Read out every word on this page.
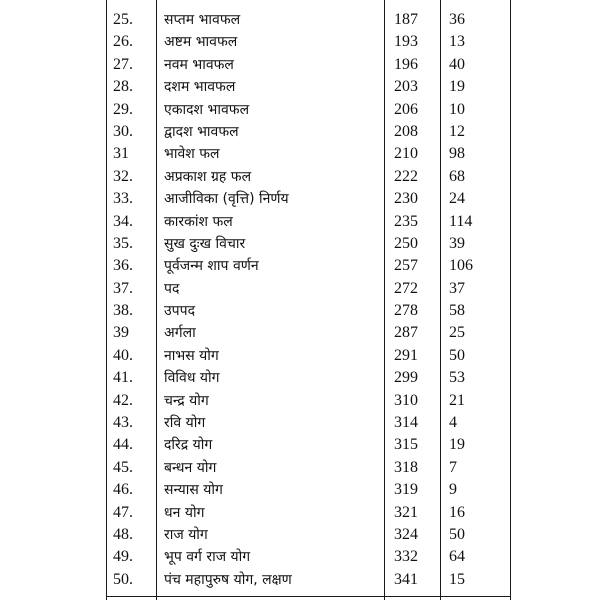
25. सप्तम भावफल	187 36
26. अष्टम भावफल	193 13
27. नवम भावफल	196 40
28. दशम भावफल	203 19
29. एकादश भावफल	206 10
30. द्वादश भावफल	208 12
31	भावेश फल	210 98
32. अप्रकाश ग्रह फल	222 68
33. आजीविका (वृत्ति) निर्णय	230 24
34. कारकांश फल	235 114
35. सुख दुःख विचार	250 39
36. पूर्वजन्म शाप वर्णन	257 106
37. पद	272 37
38. उपपद	278 58
39	अर्गला	287 25
40. नाभस योग	291 50
41. विविध योग	299 53
42. चन्द्र योग	310 21
43. रवि योग	314 4
44. दरिद्र योग	315 19
45. बन्धन योग	318 7
46. सन्यास योग	319 9
47. धन योग	321 16
48. राज योग	324 50
49. भूप वर्ग राज योग	332 64
50. पंच महापुरुष योग, लक्षण	341 15
